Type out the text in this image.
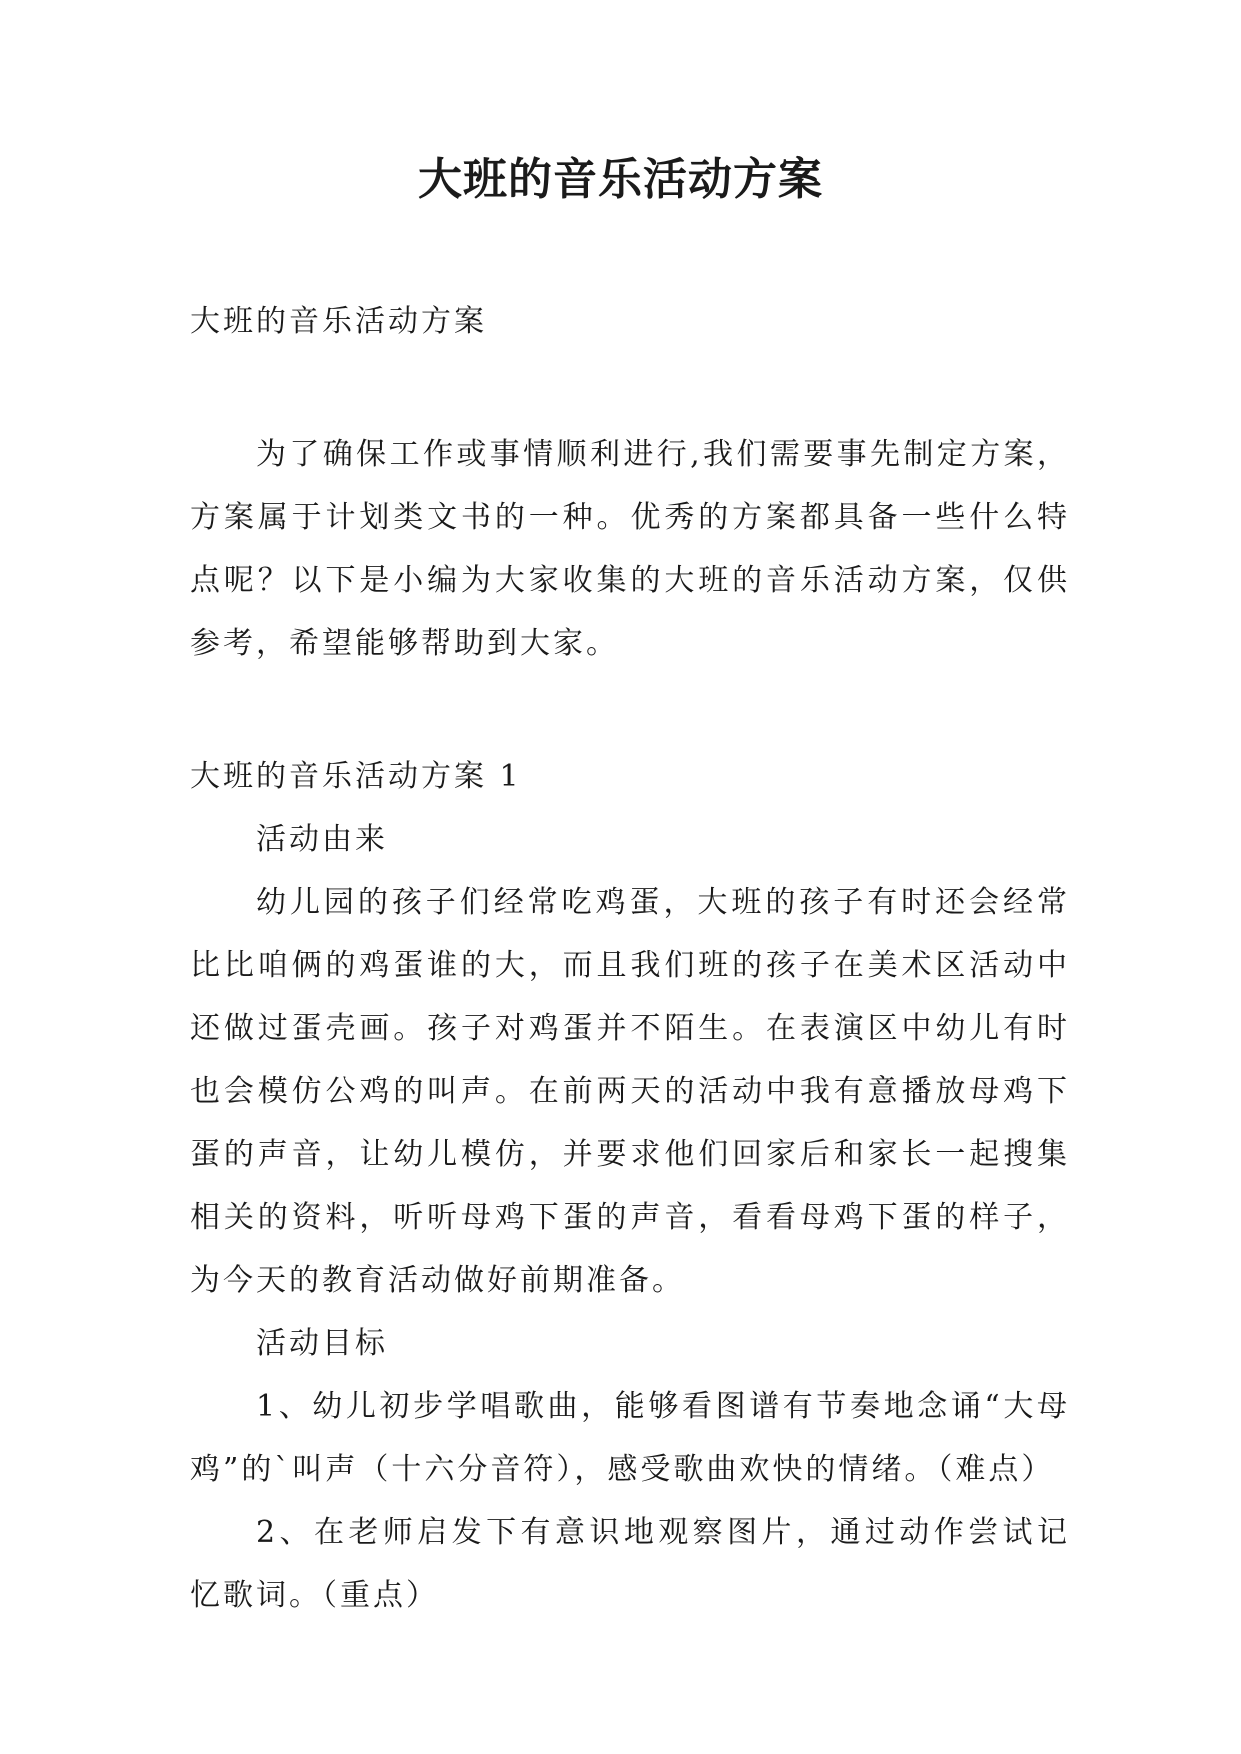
大班的音乐活动方案

大班的音乐活动方案

为了确保工作或事情顺利进行,我们需要事先制定方案，方案属于计划类文书的一种。优秀的方案都具备一些什么特点呢？以下是小编为大家收集的大班的音乐活动方案，仅供参考，希望能够帮助到大家。

大班的音乐活动方案 1

活动由来

幼儿园的孩子们经常吃鸡蛋，大班的孩子有时还会经常比比咱俩的鸡蛋谁的大，而且我们班的孩子在美术区活动中还做过蛋壳画。孩子对鸡蛋并不陌生。在表演区中幼儿有时也会模仿公鸡的叫声。在前两天的活动中我有意播放母鸡下蛋的声音，让幼儿模仿，并要求他们回家后和家长一起搜集相关的资料，听听母鸡下蛋的声音，看看母鸡下蛋的样子，为今天的教育活动做好前期准备。

活动目标

1、幼儿初步学唱歌曲，能够看图谱有节奏地念诵“大母鸡”的`叫声（十六分音符），感受歌曲欢快的情绪。（难点）

2、在老师启发下有意识地观察图片，通过动作尝试记忆歌词。（重点）
